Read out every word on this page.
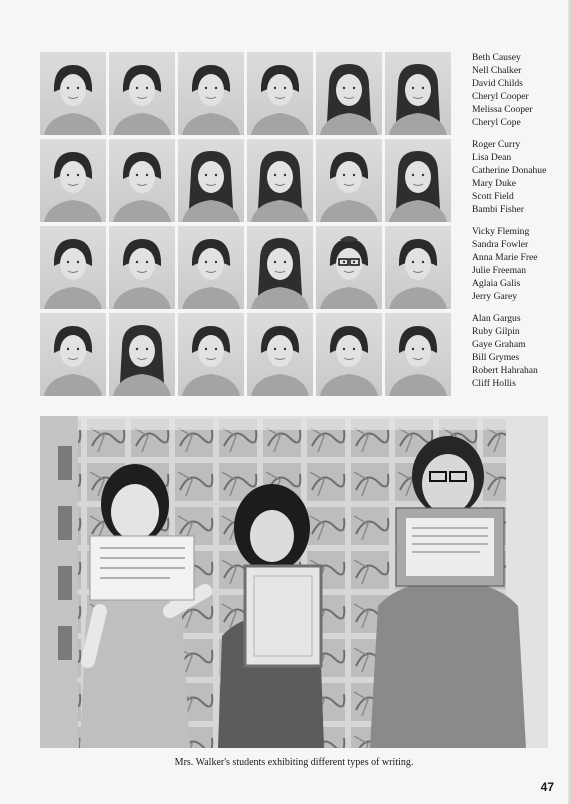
Beth Causey
Nell Chalker
David Childs
Cheryl Cooper
Melissa Cooper
Cheryl Cope
Roger Curry
Lisa Dean
Catherine Donahue
Mary Duke
Scott Field
Bambi Fisher
Vicky Fleming
Sandra Fowler
Anna Marie Free
Julie Freeman
Aglaia Galis
Jerry Garey
Alan Gargus
Ruby Gilpin
Gaye Graham
Bill Grymes
Robert Hahrahan
Cliff Hollis
Mrs. Walker's students exhibiting different types of writing.
47
